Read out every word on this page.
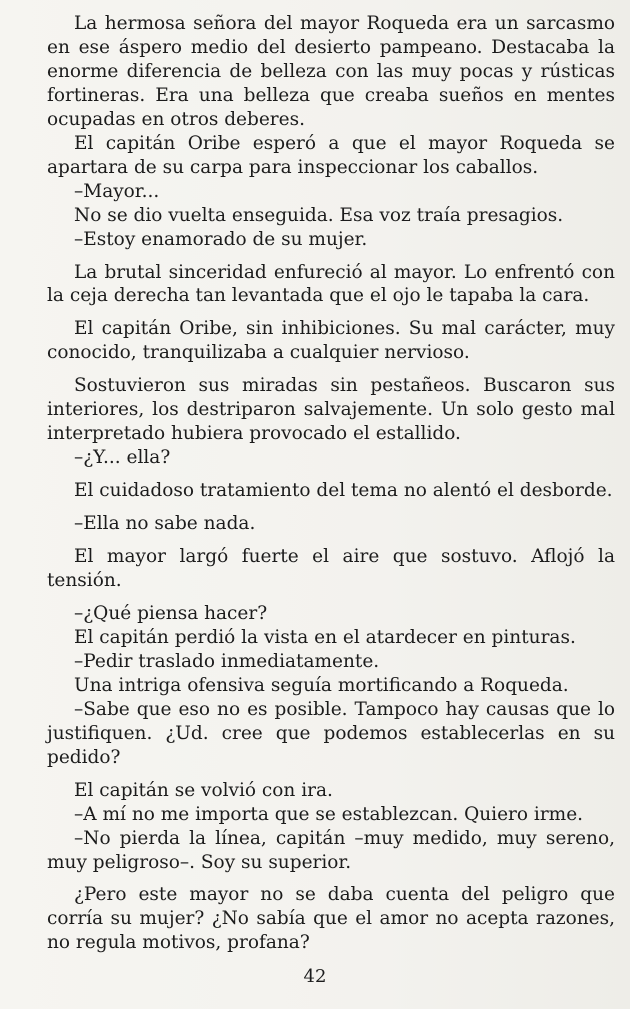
La hermosa señora del mayor Roqueda era un sarcasmo en ese áspero medio del desierto pampeano. Destacaba la enorme diferencia de belleza con las muy pocas y rústicas fortineras. Era una belleza que creaba sueños en mentes ocupadas en otros deberes.

El capitán Oribe esperó a que el mayor Roqueda se apartara de su carpa para inspeccionar los caballos.

–Mayor...

No se dio vuelta enseguida. Esa voz traía presagios.

–Estoy enamorado de su mujer.

La brutal sinceridad enfureció al mayor. Lo enfrentó con la ceja derecha tan levantada que el ojo le tapaba la cara.

El capitán Oribe, sin inhibiciones. Su mal carácter, muy conocido, tranquilizaba a cualquier nervioso.

Sostuvieron sus miradas sin pestañeos. Buscaron sus interiores, los destriparon salvajemente. Un solo gesto mal interpretado hubiera provocado el estallido.

–¿Y... ella?

El cuidadoso tratamiento del tema no alentó el desborde.

–Ella no sabe nada.

El mayor largó fuerte el aire que sostuvo. Aflojó la tensión.

–¿Qué piensa hacer?

El capitán perdió la vista en el atardecer en pinturas.

–Pedir traslado inmediatamente.

Una intriga ofensiva seguía mortificando a Roqueda.

–Sabe que eso no es posible. Tampoco hay causas que lo justifiquen. ¿Ud. cree que podemos establecerlas en su pedido?

El capitán se volvió con ira.

–A mí no me importa que se establezcan. Quiero irme.

–No pierda la línea, capitán –muy medido, muy sereno, muy peligroso–. Soy su superior.

¿Pero este mayor no se daba cuenta del peligro que corría su mujer? ¿No sabía que el amor no acepta razones, no regula motivos, profana?

42
